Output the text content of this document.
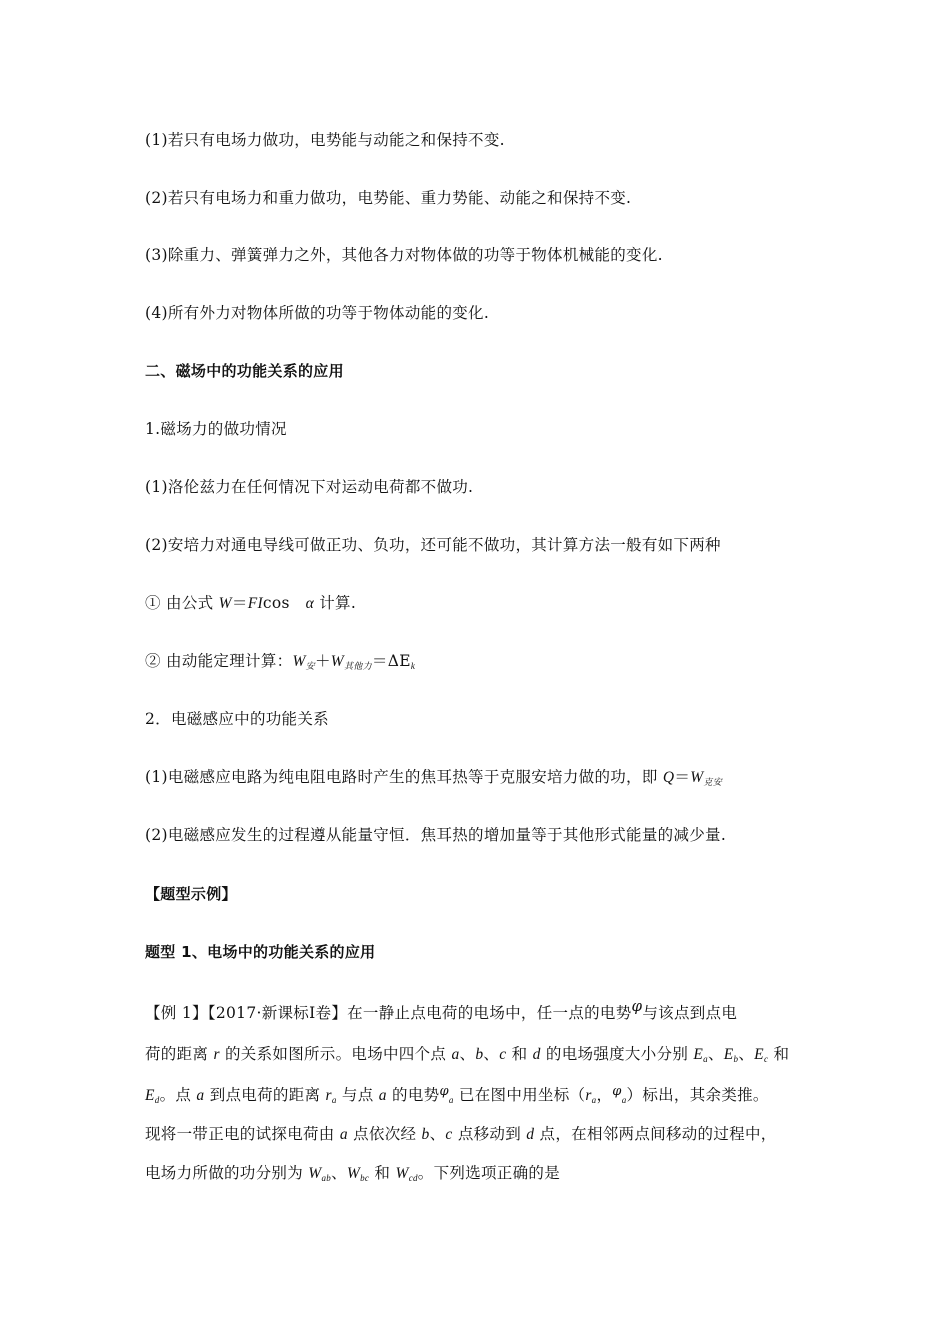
(1)若只有电场力做功，电势能与动能之和保持不变.
(2)若只有电场力和重力做功，电势能、重力势能、动能之和保持不变.
(3)除重力、弹簧弹力之外，其他各力对物体做的功等于物体机械能的变化.
(4)所有外力对物体所做的功等于物体动能的变化.
二、磁场中的功能关系的应用
1.磁场力的做功情况
(1)洛伦兹力在任何情况下对运动电荷都不做功.
(2)安培力对通电导线可做正功、负功，还可能不做功，其计算方法一般有如下两种
① 由公式 W＝FIcos　α 计算.
② 由动能定理计算：$W_安+W_{其他力}=\Delta E_k$
2．电磁感应中的功能关系
(1)电磁感应电路为纯电阻电路时产生的焦耳热等于克服安培力做的功，即 $Q=W_{克安}$
(2)电磁感应发生的过程遵从能量守恒．焦耳热的增加量等于其他形式能量的减少量.
【题型示例】
题型 1、电场中的功能关系的应用
【例 1】【2017·新课标Ⅰ卷】在一静止点电荷的电场中，任一点的电势φ与该点到点电
荷的距离 r 的关系如图所示。电场中四个点 a、b、c 和 d 的电场强度大小分别 $E_a$、$E_b$、$E_c$ 和
$E_d$。点 a 到点电荷的距离 $r_a$ 与点 a 的电势$^\varphi_a$ 已在图中用坐标（$r_a$，$^\varphi_a$）标出，其余类推。
现将一带正电的试探电荷由 a 点依次经 b、c 点移动到 d 点，在相邻两点间移动的过程中，
电场力所做的功分别为 $W_{ab}$、$W_{bc}$ 和 $W_{cd}$。下列选项正确的是
